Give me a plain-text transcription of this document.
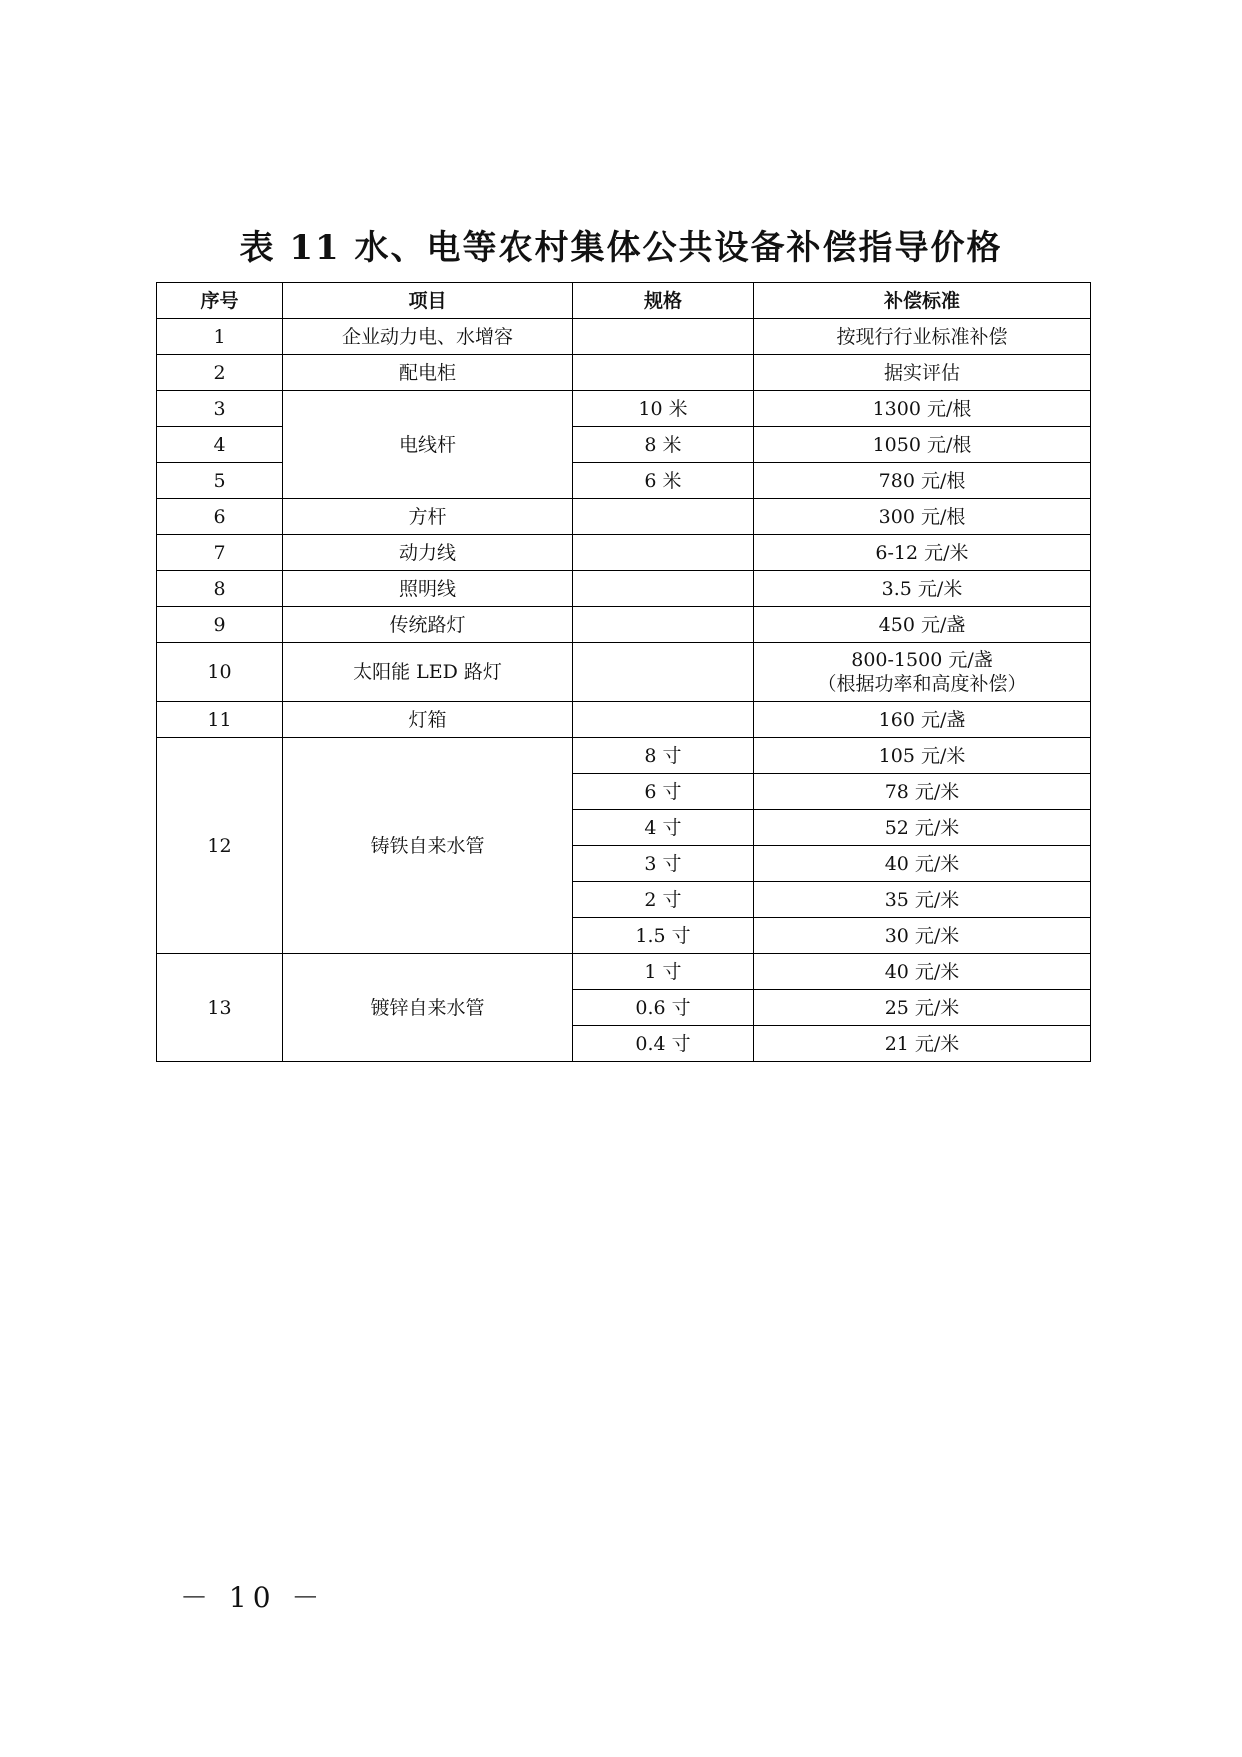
表 11 水、电等农村集体公共设备补偿指导价格
序号	项目	规格	补偿标准
1	企业动力电、水增容		按现行行业标准补偿
2	配电柜		据实评估
3	电线杆	10 米	1300 元/根
4		8 米	1050 元/根
5		6 米	780 元/根
6	方杆		300 元/根
7	动力线		6-12 元/米
8	照明线		3.5 元/米
9	传统路灯		450 元/盏
10	太阳能 LED 路灯		800-1500 元/盏
（根据功率和高度补偿）

11	灯箱		160 元/盏
12	铸铁自来水管	8 寸	105 元/米
		6 寸	78 元/米
		4 寸	52 元/米
		3 寸	40 元/米
		2 寸	35 元/米
		1.5 寸	30 元/米
13	镀锌自来水管	1 寸	40 元/米
		0.6 寸	25 元/米
		0.4 寸	21 元/米
－ 10 －
